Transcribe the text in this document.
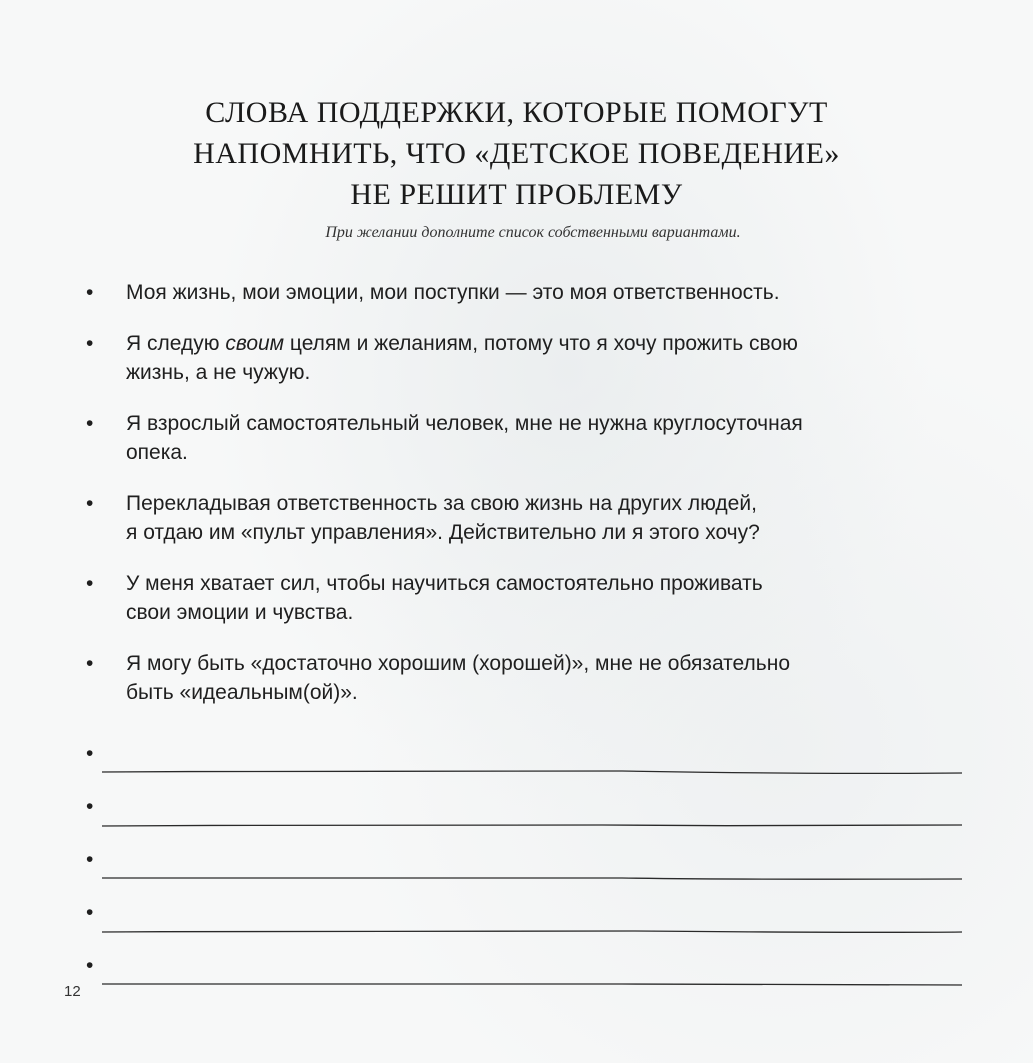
СЛОВА ПОДДЕРЖКИ, КОТОРЫЕ ПОМОГУТ
НАПОМНИТЬ, ЧТО «ДЕТСКОЕ ПОВЕДЕНИЕ»
НЕ РЕШИТ ПРОБЛЕМУ
При желании дополните список собственными вариантами.
• Моя жизнь, мои эмоции, мои поступки — это моя ответственность.
• Я следую своим целям и желаниям, потому что я хочу прожить свою
жизнь, а не чужую.
• Я взрослый самостоятельный человек, мне не нужна круглосуточная
опека.
• Перекладывая ответственность за свою жизнь на других людей,
я отдаю им «пульт управления». Действительно ли я этого хочу?
• У меня хватает сил, чтобы научиться самостоятельно проживать
свои эмоции и чувства.
• Я могу быть «достаточно хорошим (хорошей)», мне не обязательно
быть «идеальным(ой)».
•
•
•
•
•
12
